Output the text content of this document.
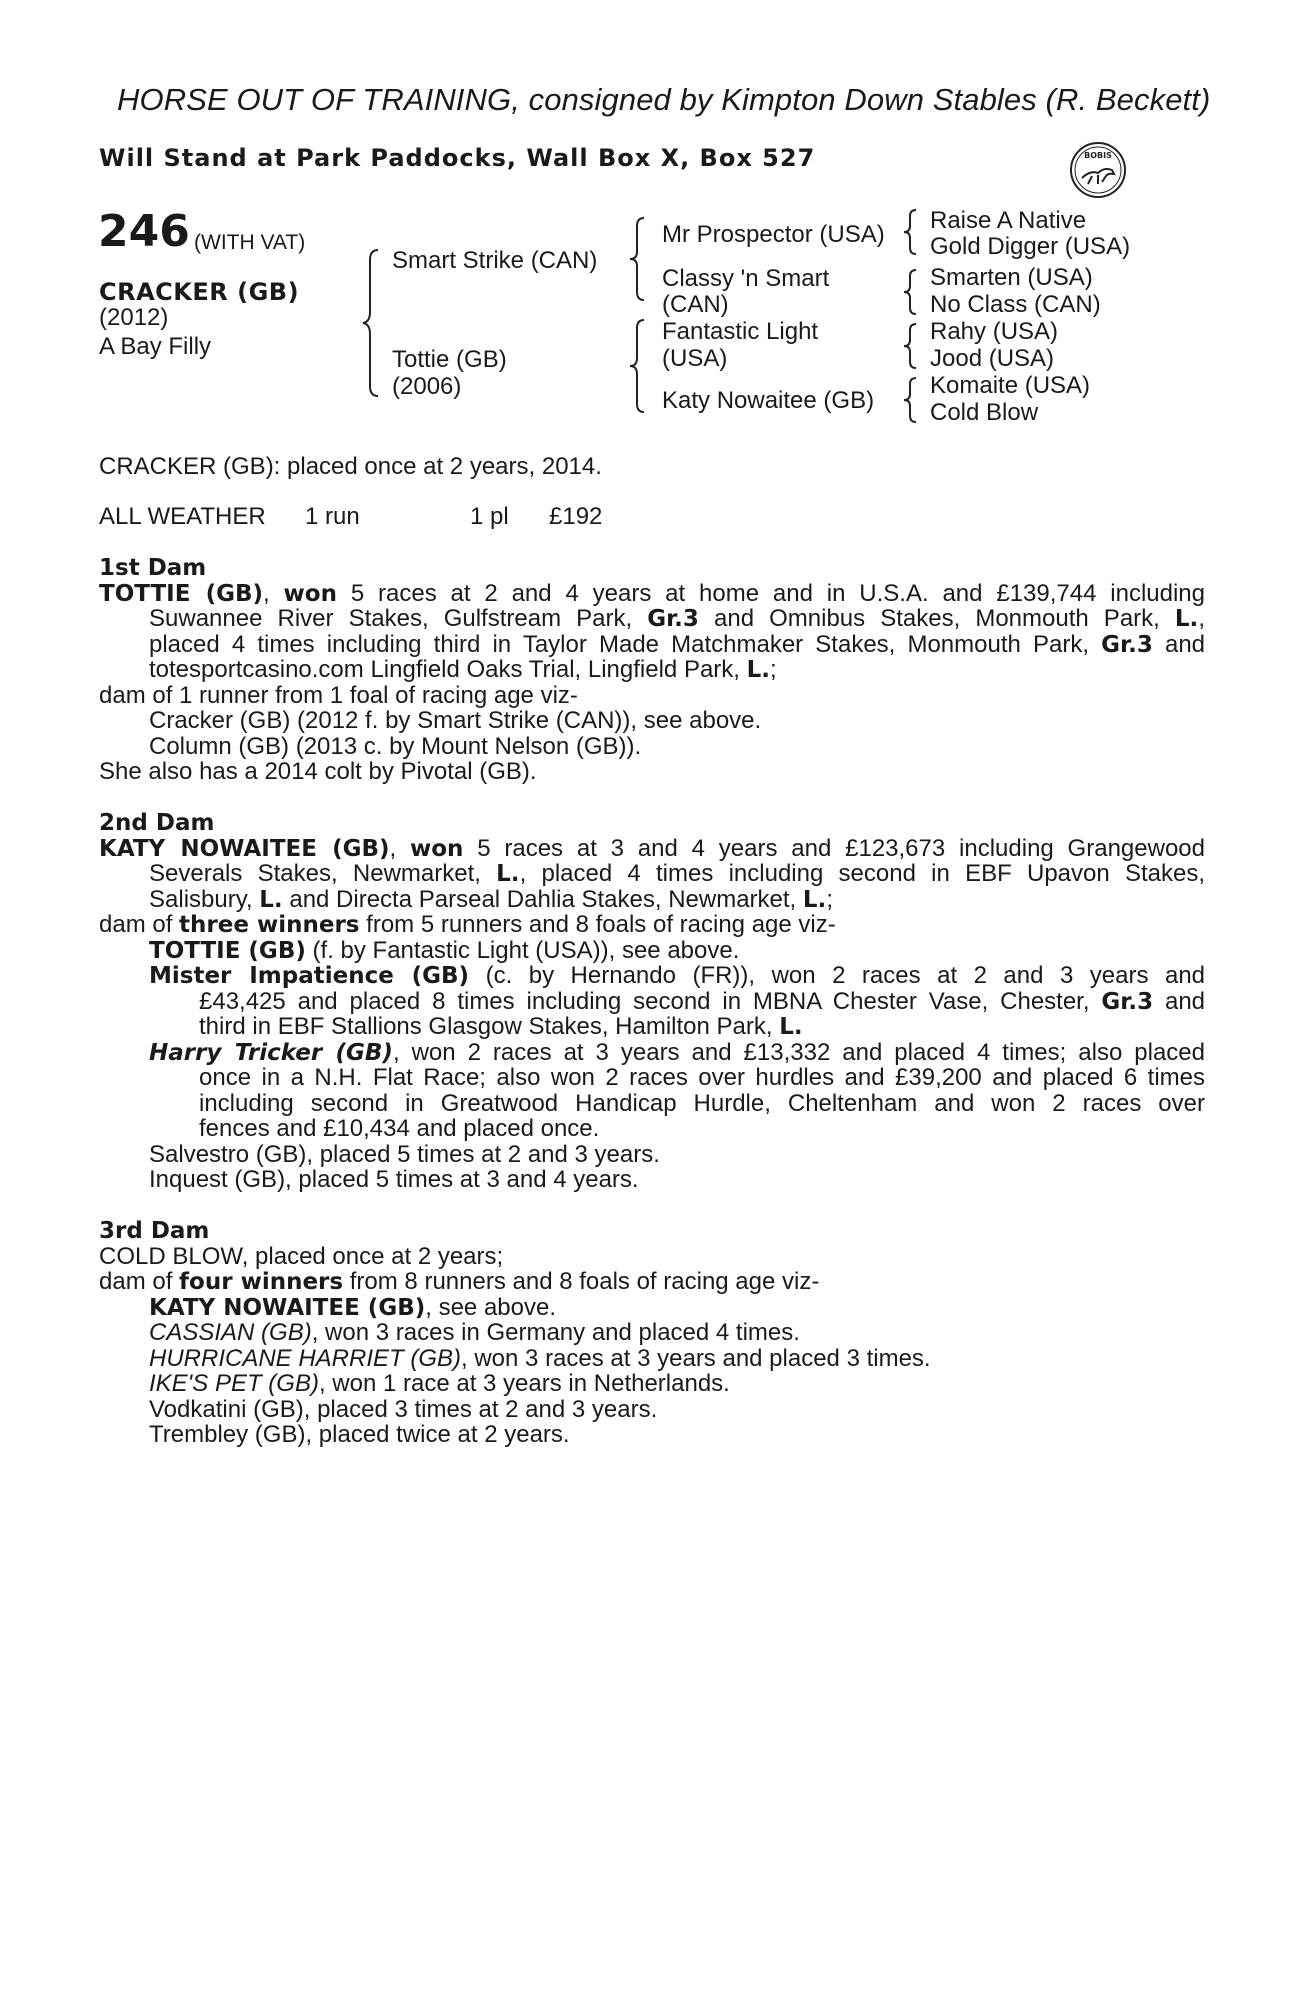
HORSE OUT OF TRAINING, consigned by Kimpton Down Stables (R. Beckett)
Will Stand at Park Paddocks, Wall Box X, Box 527	BOBIS
246 (WITH VAT)
CRACKER (GB)
(2012)
A Bay Filly
Smart Strike (CAN)
Tottie (GB)
(2006)
Mr Prospector (USA)
Classy 'n Smart
(CAN)
Fantastic Light
(USA)
Katy Nowaitee (GB)
Raise A Native
Gold Digger (USA)
Smarten (USA)
No Class (CAN)
Rahy (USA)
Jood (USA)
Komaite (USA)
Cold Blow
CRACKER (GB): placed once at 2 years, 2014.
ALL WEATHER 1 run	1 pl £192
1st Dam
TOTTIE (GB), won 5 races at 2 and 4 years at home and in U.S.A. and £139,744 including
Suwannee River Stakes, Gulfstream Park, Gr.3 and Omnibus Stakes, Monmouth Park, L.,
placed 4 times including third in Taylor Made Matchmaker Stakes, Monmouth Park, Gr.3 and
totesportcasino.com Lingfield Oaks Trial, Lingfield Park, L.;
dam of 1 runner from 1 foal of racing age viz-
Cracker (GB) (2012 f. by Smart Strike (CAN)), see above.
Column (GB) (2013 c. by Mount Nelson (GB)).
She also has a 2014 colt by Pivotal (GB).
2nd Dam
KATY NOWAITEE (GB), won 5 races at 3 and 4 years and £123,673 including Grangewood
Severals Stakes, Newmarket, L., placed 4 times including second in EBF Upavon Stakes,
Salisbury, L. and Directa Parseal Dahlia Stakes, Newmarket, L.;
dam of three winners from 5 runners and 8 foals of racing age viz-
TOTTIE (GB) (f. by Fantastic Light (USA)), see above.
Mister Impatience (GB) (c. by Hernando (FR)), won 2 races at 2 and 3 years and
£43,425 and placed 8 times including second in MBNA Chester Vase, Chester, Gr.3 and
third in EBF Stallions Glasgow Stakes, Hamilton Park, L.
Harry Tricker (GB), won 2 races at 3 years and £13,332 and placed 4 times; also placed
once in a N.H. Flat Race; also won 2 races over hurdles and £39,200 and placed 6 times
including second in Greatwood Handicap Hurdle, Cheltenham and won 2 races over
fences and £10,434 and placed once.
Salvestro (GB), placed 5 times at 2 and 3 years.
Inquest (GB), placed 5 times at 3 and 4 years.
3rd Dam
COLD BLOW, placed once at 2 years;
dam of four winners from 8 runners and 8 foals of racing age viz-
KATY NOWAITEE (GB), see above.
CASSIAN (GB), won 3 races in Germany and placed 4 times.
HURRICANE HARRIET (GB), won 3 races at 3 years and placed 3 times.
IKE'S PET (GB), won 1 race at 3 years in Netherlands.
Vodkatini (GB), placed 3 times at 2 and 3 years.
Trembley (GB), placed twice at 2 years.
